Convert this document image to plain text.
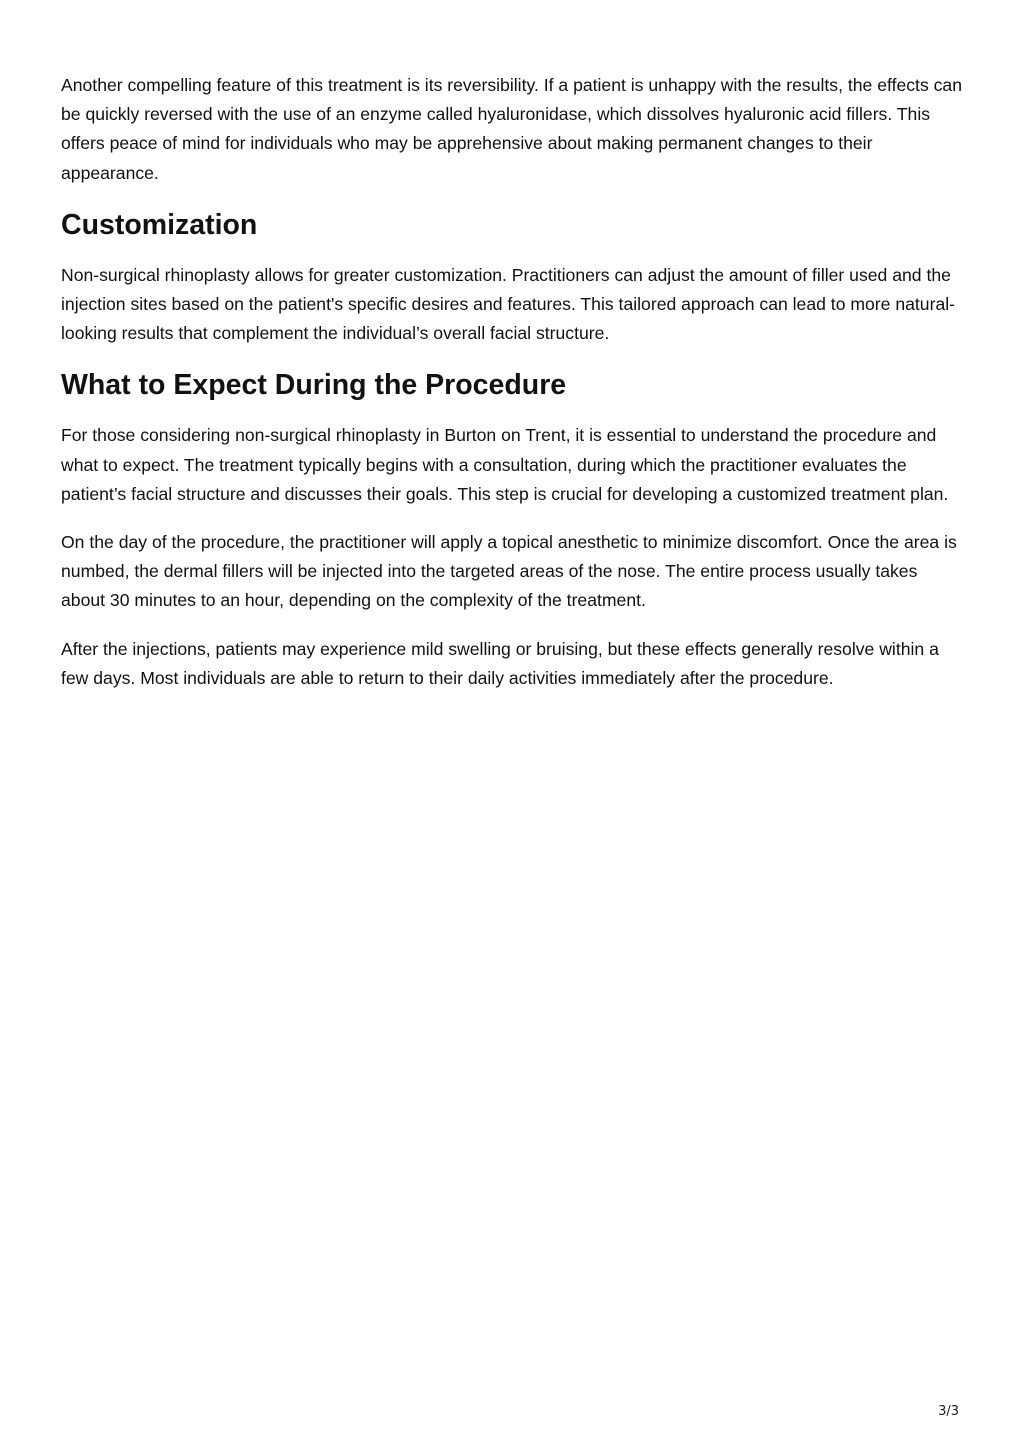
Another compelling feature of this treatment is its reversibility. If a patient is unhappy with the results, the effects can be quickly reversed with the use of an enzyme called hyaluronidase, which dissolves hyaluronic acid fillers. This offers peace of mind for individuals who may be apprehensive about making permanent changes to their appearance.

Customization

Non-surgical rhinoplasty allows for greater customization. Practitioners can adjust the amount of filler used and the injection sites based on the patient's specific desires and features. This tailored approach can lead to more natural-looking results that complement the individual’s overall facial structure.

What to Expect During the Procedure

For those considering non-surgical rhinoplasty in Burton on Trent, it is essential to understand the procedure and what to expect. The treatment typically begins with a consultation, during which the practitioner evaluates the patient’s facial structure and discusses their goals. This step is crucial for developing a customized treatment plan.

On the day of the procedure, the practitioner will apply a topical anesthetic to minimize discomfort. Once the area is numbed, the dermal fillers will be injected into the targeted areas of the nose. The entire process usually takes about 30 minutes to an hour, depending on the complexity of the treatment.

After the injections, patients may experience mild swelling or bruising, but these effects generally resolve within a few days. Most individuals are able to return to their daily activities immediately after the procedure.

3/3
